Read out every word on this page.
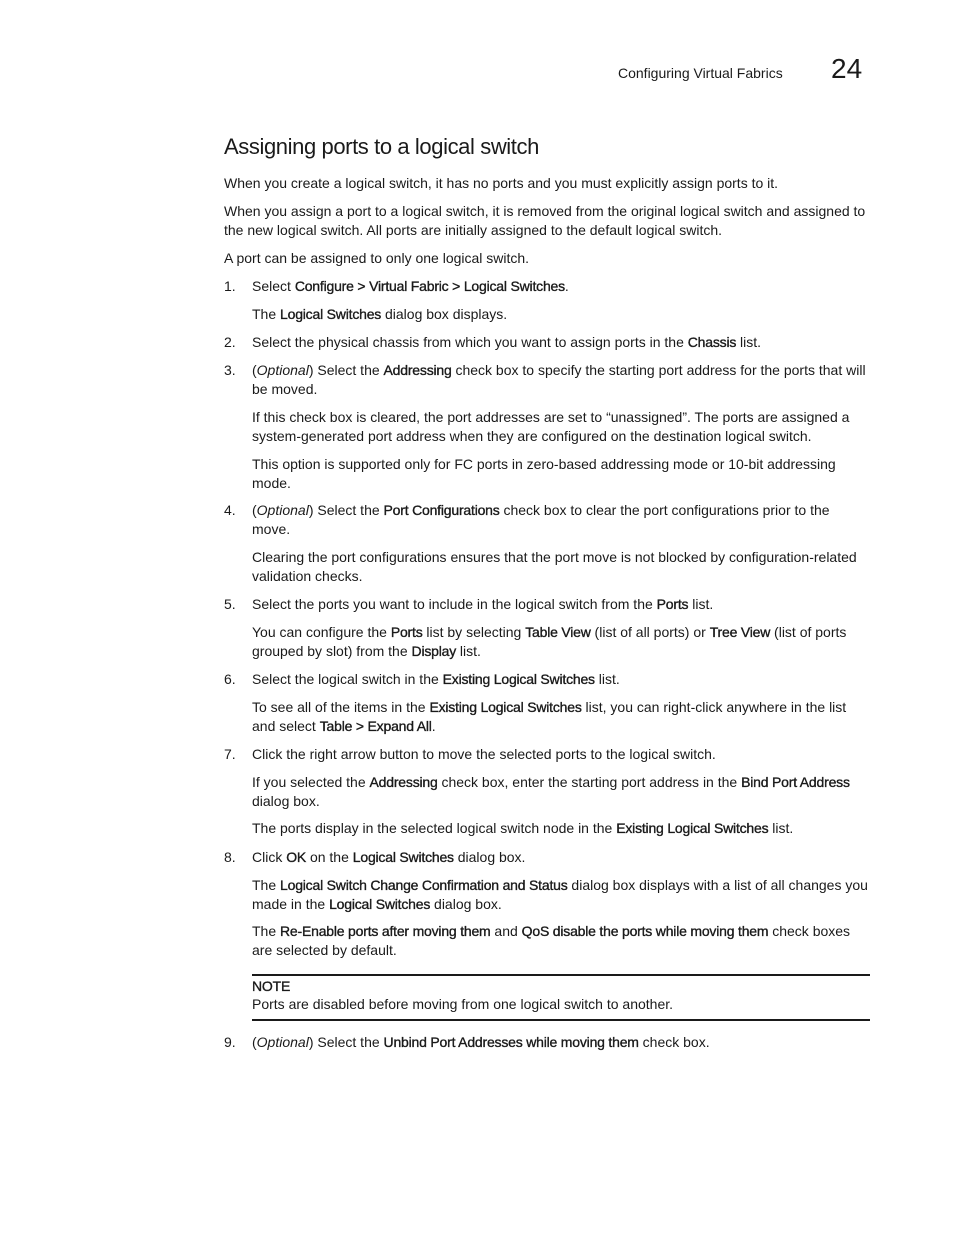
Configuring Virtual Fabrics 24
Assigning ports to a logical switch

When you create a logical switch, it has no ports and you must explicitly assign ports to it.

When you assign a port to a logical switch, it is removed from the original logical switch and assigned to the new logical switch. All ports are initially assigned to the default logical switch.

A port can be assigned to only one logical switch.

1.	Select Configure > Virtual Fabric > Logical Switches.

The Logical Switches dialog box displays.

2.	Select the physical chassis from which you want to assign ports in the Chassis list.
3.	(Optional) Select the Addressing check box to specify the starting port address for the ports that will be moved.

If this check box is cleared, the port addresses are set to “unassigned”. The ports are assigned a system-generated port address when they are configured on the destination logical switch.

This option is supported only for FC ports in zero-based addressing mode or 10-bit addressing mode.

4.	(Optional) Select the Port Configurations check box to clear the port configurations prior to the move.

Clearing the port configurations ensures that the port move is not blocked by configuration-related validation checks.

5.	Select the ports you want to include in the logical switch from the Ports list.

You can configure the Ports list by selecting Table View (list of all ports) or Tree View (list of ports grouped by slot) from the Display list.

6.	Select the logical switch in the Existing Logical Switches list.

To see all of the items in the Existing Logical Switches list, you can right-click anywhere in the list and select Table > Expand All.

7.	Click the right arrow button to move the selected ports to the logical switch.

If you selected the Addressing check box, enter the starting port address in the Bind Port Address dialog box.

The ports display in the selected logical switch node in the Existing Logical Switches list.

8.	Click OK on the Logical Switches dialog box.

The Logical Switch Change Confirmation and Status dialog box displays with a list of all changes you made in the Logical Switches dialog box.

The Re-Enable ports after moving them and QoS disable the ports while moving them check boxes are selected by default.

NOTE
Ports are disabled before moving from one logical switch to another.
9.	(Optional) Select the Unbind Port Addresses while moving them check box.
